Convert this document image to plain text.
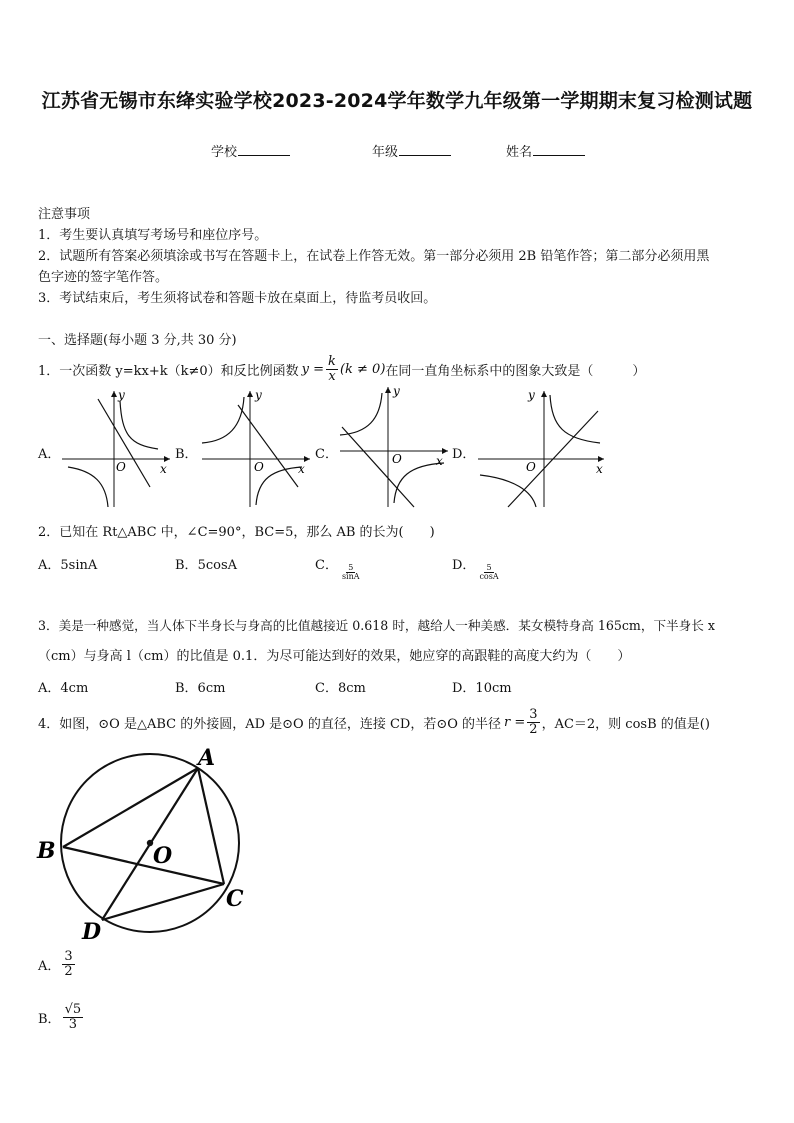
江苏省无锡市东绛实验学校2023-2024学年数学九年级第一学期期末复习检测试题
学校	年级	姓名
注意事项
1．考生要认真填写考场号和座位序号。
2．试题所有答案必须填涂或书写在答题卡上，在试卷上作答无效。第一部分必须用 2B 铅笔作答；第二部分必须用黑
色字迹的签字笔作答。
3．考试结束后，考生须将试卷和答题卡放在桌面上，待监考员收回。
一、选择题(每小题 3 分,共 30 分)
1．一次函数 y=kx+k（k≠0）和反比例函数 $y = \frac{k}{x} (k \ne 0)$ 在同一直角坐标系中的图象大致是（　　　）
A．	B．	C．	D．
y
x
O
y
x
O
y
x
O
y
x
O
2．已知在 Rt△ABC 中，∠C=90°，BC=5，那么 AB 的长为(　　)
A．5sinA	B．5cosA	C． $\frac{5}{\sin A}$	D． $\frac{5}{\cos A}$
3．美是一种感觉，当人体下半身长与身高的比值越接近 0.618 时，越给人一种美感．某女模特身高 165cm，下半身长 x
（cm）与身高 l（cm）的比值是 0.1．为尽可能达到好的效果，她应穿的高跟鞋的高度大约为（　　）
A．4cm	B．6cm	C．8cm	D．10cm
4．如图，⊙O 是△ABC 的外接圆，AD 是⊙O 的直径，连接 CD，若⊙O 的半径 $r = \frac{3}{2}$ ，AC＝2，则 cosB 的值是()
A
B
C
D
O
A． $\frac{3}{2}$
B． $\frac{√5}{3}$
